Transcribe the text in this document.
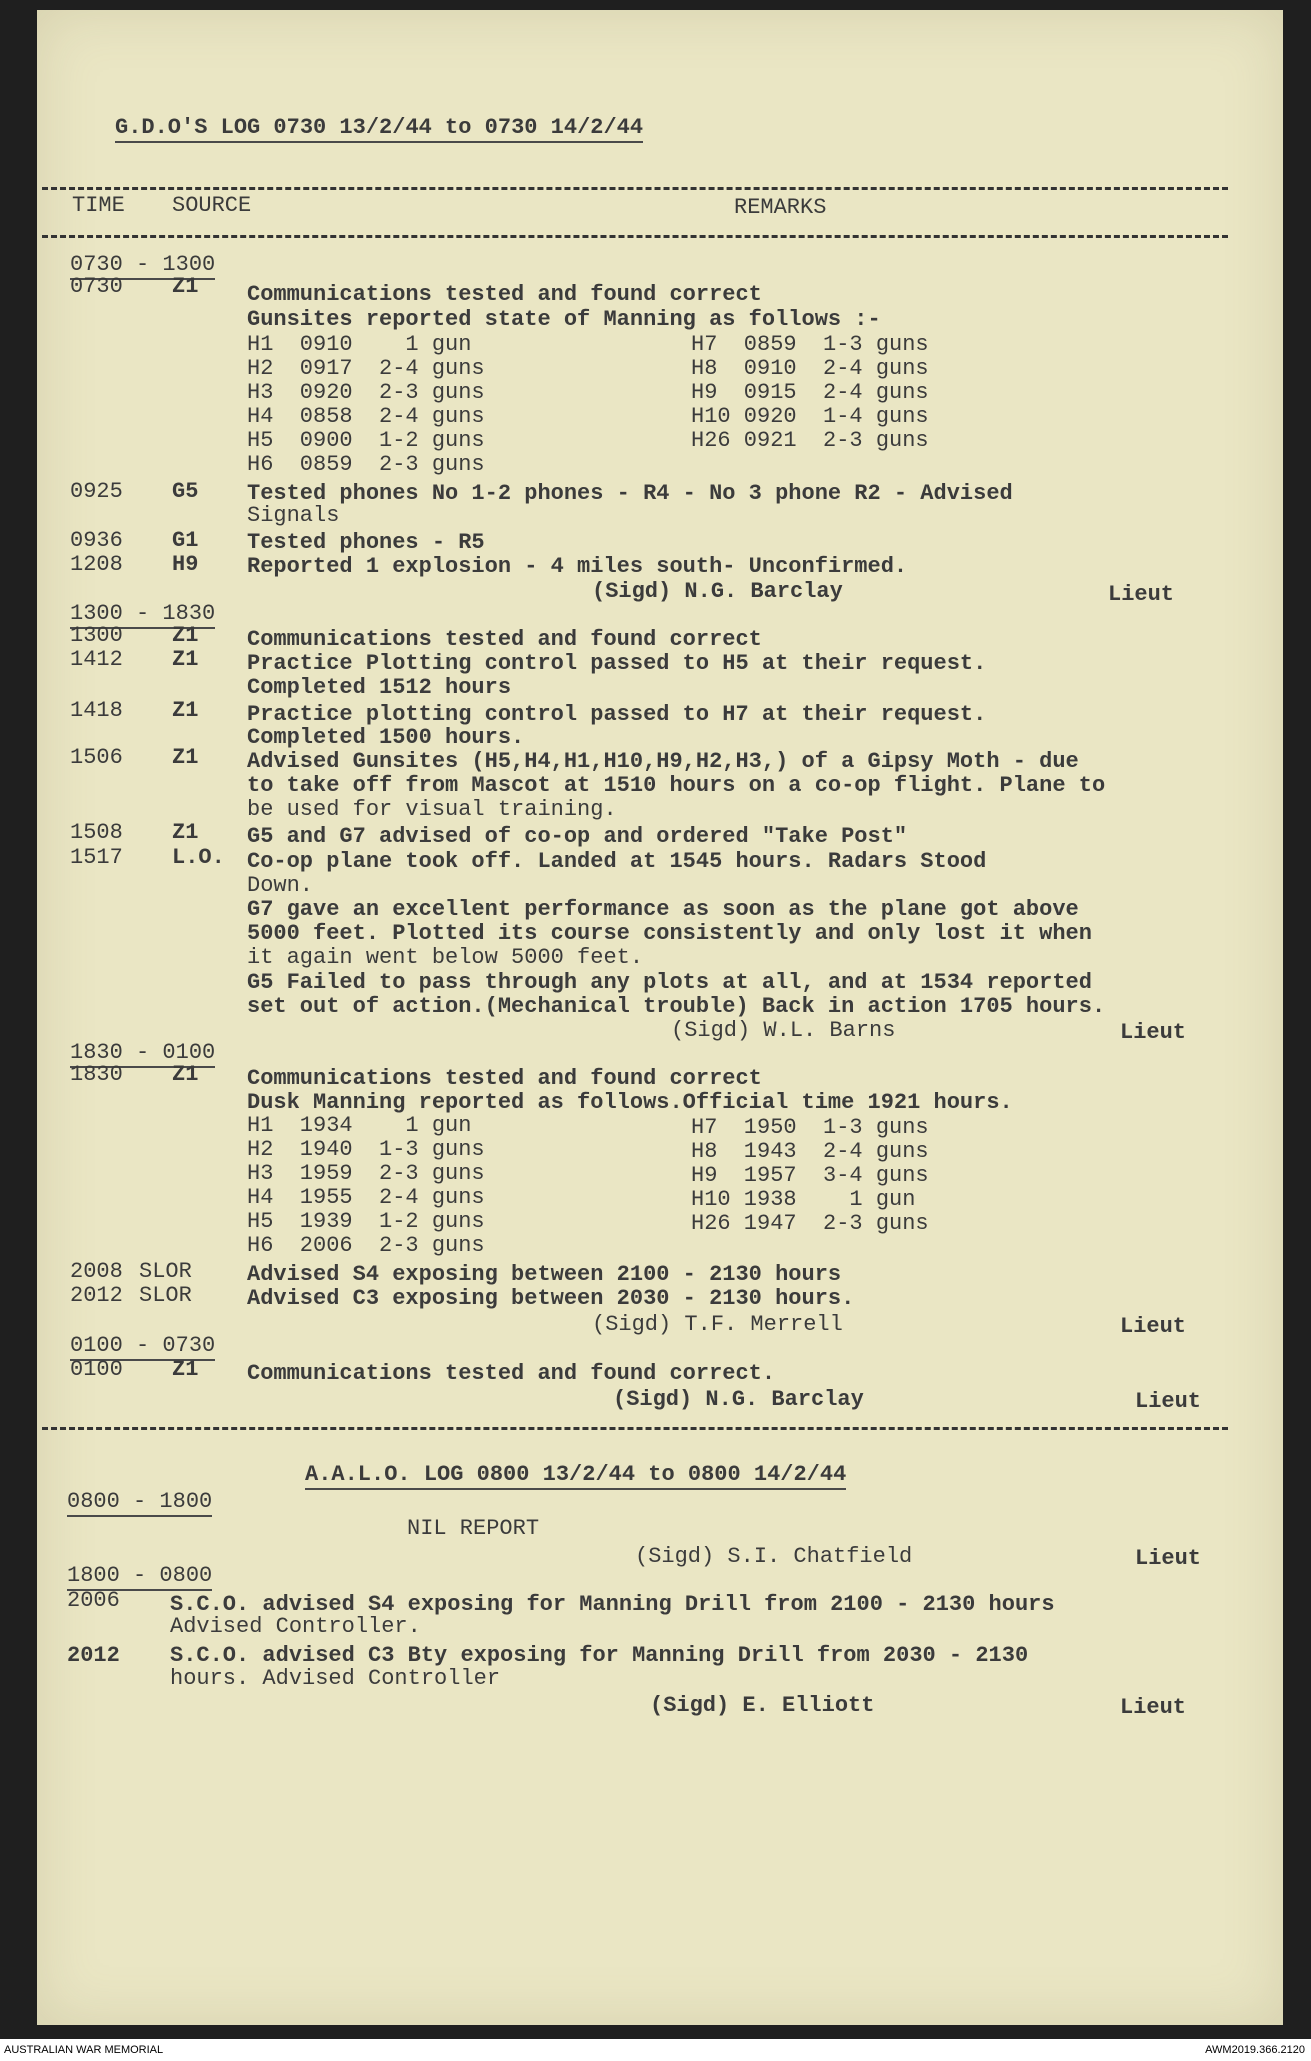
G.D.O'S LOG 0730 13/2/44 to 0730 14/2/44
TIME SOURCE	REMARKS
0730 - 1300
0730 Z1 Communications tested and found correct
Gunsites reported state of Manning as follows :-
H1  0910    1 gun
H2  0917  2-4 guns
H3  0920  2-3 guns
H4  0858  2-4 guns
H5  0900  1-2 guns
H6  0859  2-3 guns
H7  0859  1-3 guns
H8  0910  2-4 guns
H9  0915  2-4 guns
H10 0920  1-4 guns
H26 0921  2-3 guns
0925 G5 Tested phones No 1-2 phones - R4 - No 3 phone R2 - Advised
Signals
0936 G1 Tested phones - R5
1208 H9 Reported 1 explosion - 4 miles south- Unconfirmed.
(Sigd) N.G. Barclay	Lieut
1300 - 1830
1300 Z1 Communications tested and found correct
1412 Z1 Practice Plotting control passed to H5 at their request.
Completed 1512 hours
1418 Z1 Practice plotting control passed to H7 at their request.
Completed 1500 hours.
1506 Z1 Advised Gunsites (H5,H4,H1,H10,H9,H2,H3,) of a Gipsy Moth - due
to take off from Mascot at 1510 hours on a co-op flight. Plane to
be used for visual training.
1508 Z1 G5 and G7 advised of co-op and ordered "Take Post"
1517 L.O. Co-op plane took off. Landed at 1545 hours. Radars Stood
Down.
G7 gave an excellent performance as soon as the plane got above
5000 feet. Plotted its course consistently and only lost it when
it again went below 5000 feet.
G5 Failed to pass through any plots at all, and at 1534 reported
set out of action.(Mechanical trouble) Back in action 1705 hours.
(Sigd) W.L. Barns	Lieut
1830 - 0100
1830 Z1 Communications tested and found correct
Dusk Manning reported as follows.Official time 1921 hours.
H1  1934    1 gun
H2  1940  1-3 guns
H3  1959  2-3 guns
H4  1955  2-4 guns
H5  1939  1-2 guns
H6  2006  2-3 guns
H7  1950  1-3 guns
H8  1943  2-4 guns
H9  1957  3-4 guns
H10 1938    1 gun
H26 1947  2-3 guns
2008 SLOR	Advised S4 exposing between 2100 - 2130 hours
2012 SLOR	Advised C3 exposing between 2030 - 2130 hours.
(Sigd) T.F. Merrell	Lieut
0100 - 0730
0100 Z1 Communications tested and found correct.
(Sigd) N.G. Barclay	Lieut
A.A.L.O. LOG 0800 13/2/44 to 0800 14/2/44
0800 - 1800
NIL REPORT
(Sigd) S.I. Chatfield	Lieut
1800 - 0800
2006 S.C.O. advised S4 exposing for Manning Drill from 2100 - 2130 hours
Advised Controller.
2012 S.C.O. advised C3 Bty exposing for Manning Drill from 2030 - 2130
hours. Advised Controller
(Sigd) E. Elliott	Lieut
AUSTRALIAN WAR MEMORIAL	AWM2019.366.2120
